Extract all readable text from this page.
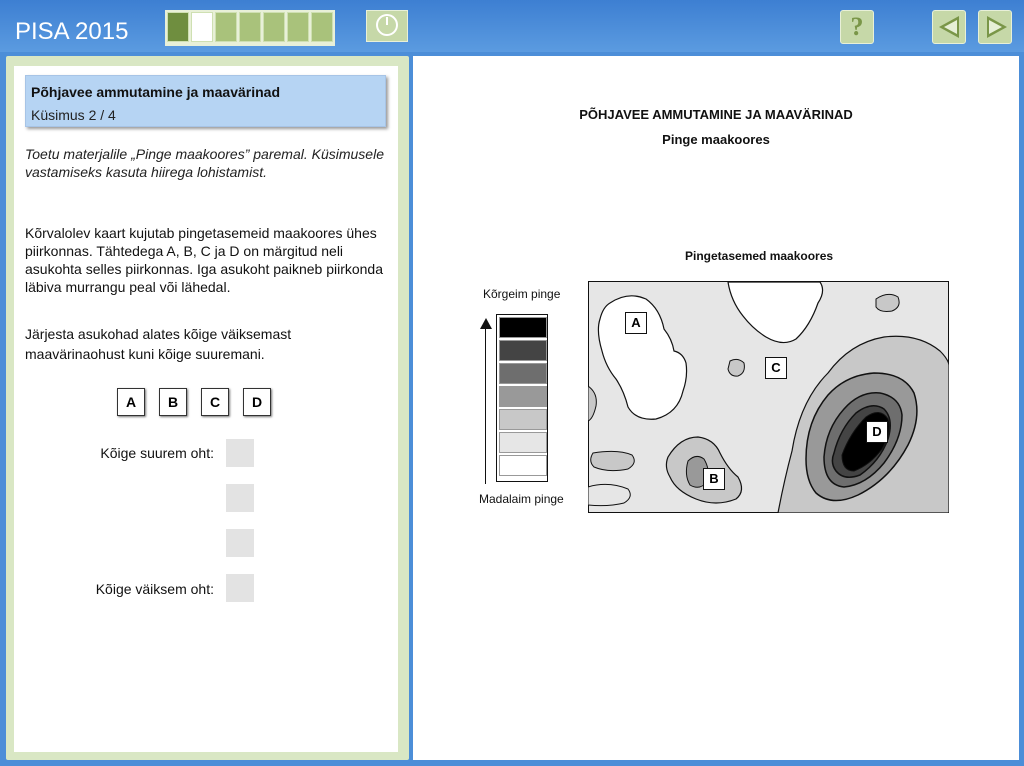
PISA 2015	?
Põhjavee ammutamine ja maavärinad
Küsimus 2 / 4
Toetu materjalile „Pinge maakoores” paremal. Küsimusele vastamiseks kasuta hiirega lohistamist.
Kõrvalolev kaart kujutab pingetasemeid maakoores ühes piirkonnas. Tähtedega A, B, C ja D on märgitud neli asukohta selles piirkonnas. Iga asukoht paikneb piirkonda läbiva murrangu peal või lähedal.
Järjesta asukohad alates kõige väiksemast maavärinaohust kuni kõige suuremani.
A	B	C	D
Kõige suurem oht:
Kõige väiksem oht:
PÕHJAVEE AMMUTAMINE JA MAAVÄRINAD
Pinge maakoores
Pingetasemed maakoores
Kõrgeim pinge
Madalaim pinge
A
B
C
D
